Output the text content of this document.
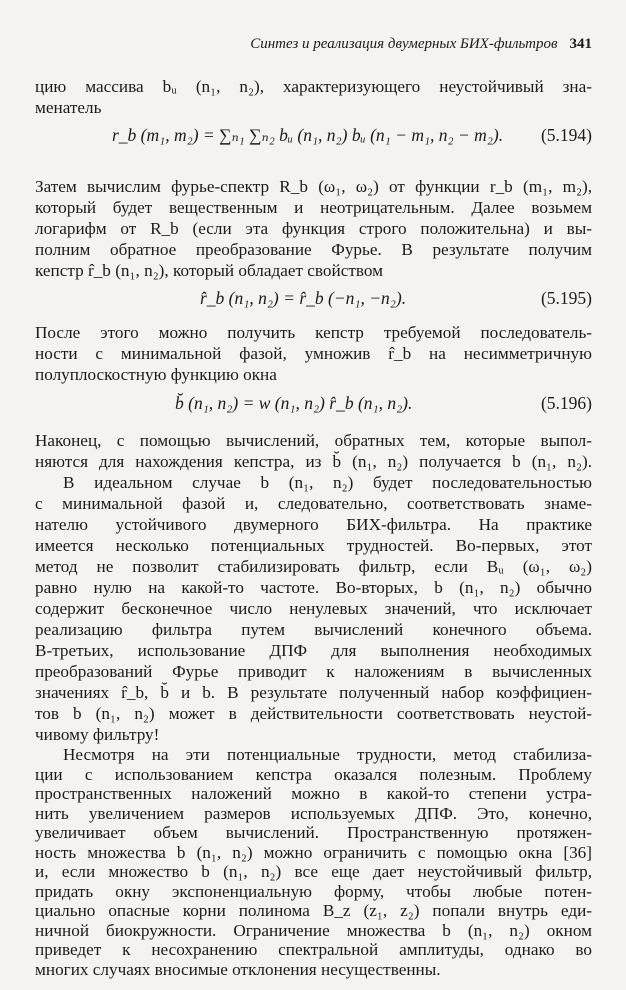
Синтез и реализация двумерных БИХ-фильтров 341
цию массива bᵤ (n₁, n₂), характеризующего неустойчивый зна-
менатель
r_b (m₁, m₂) = ∑ₙ₁ ∑ₙ₂ bᵤ (n₁, n₂) bᵤ (n₁ − m₁, n₂ − m₂). (5.194)
Затем вычислим фурье-спектр R_b (ω₁, ω₂) от функции r_b (m₁, m₂),
который будет вещественным и неотрицательным. Далее возьмем
логарифм от R_b (если эта функция строго положительна) и вы-
полним обратное преобразование Фурье. В результате получим
кепстр r̂_b (n₁, n₂), который обладает свойством
r̂_b (n₁, n₂) = r̂_b (−n₁, −n₂).	(5.195)
После этого можно получить кепстр требуемой последователь-
ности с минимальной фазой, умножив r̂_b на несимметричную
полуплоскостную функцию окна
b̆ (n₁, n₂) = w (n₁, n₂) r̂_b (n₁, n₂).	(5.196)
Наконец, с помощью вычислений, обратных тем, которые выпол-
няются для нахождения кепстра, из b̆ (n₁, n₂) получается b (n₁, n₂).
В идеальном случае b (n₁, n₂) будет последовательностью
с минимальной фазой и, следовательно, соответствовать знаме-
нателю устойчивого двумерного БИХ-фильтра. На практике
имеется несколько потенциальных трудностей. Во-первых, этот
метод не позволит стабилизировать фильтр, если Bᵤ (ω₁, ω₂)
равно нулю на какой-то частоте. Во-вторых, b (n₁, n₂) обычно
содержит бесконечное число ненулевых значений, что исключает
реализацию фильтра путем вычислений конечного объема.
В-третьих, использование ДПФ для выполнения необходимых
преобразований Фурье приводит к наложениям в вычисленных
значениях r̂_b, b̆ и b. В результате полученный набор коэффициен-
тов b (n₁, n₂) может в действительности соответствовать неустой-
чивому фильтру!
Несмотря на эти потенциальные трудности, метод стабилиза-
ции с использованием кепстра оказался полезным. Проблему
пространственных наложений можно в какой-то степени устра-
нить увеличением размеров используемых ДПФ. Это, конечно,
увеличивает объем вычислений. Пространственную протяжен-
ность множества b (n₁, n₂) можно ограничить с помощью окна [36]
и, если множество b (n₁, n₂) все еще дает неустойчивый фильтр,
придать окну экспоненциальную форму, чтобы любые потен-
циально опасные корни полинома B_z (z₁, z₂) попали внутрь еди-
ничной биокружности. Ограничение множества b (n₁, n₂) окном
приведет к несохранению спектральной амплитуды, однако во
многих случаях вносимые отклонения несущественны.
